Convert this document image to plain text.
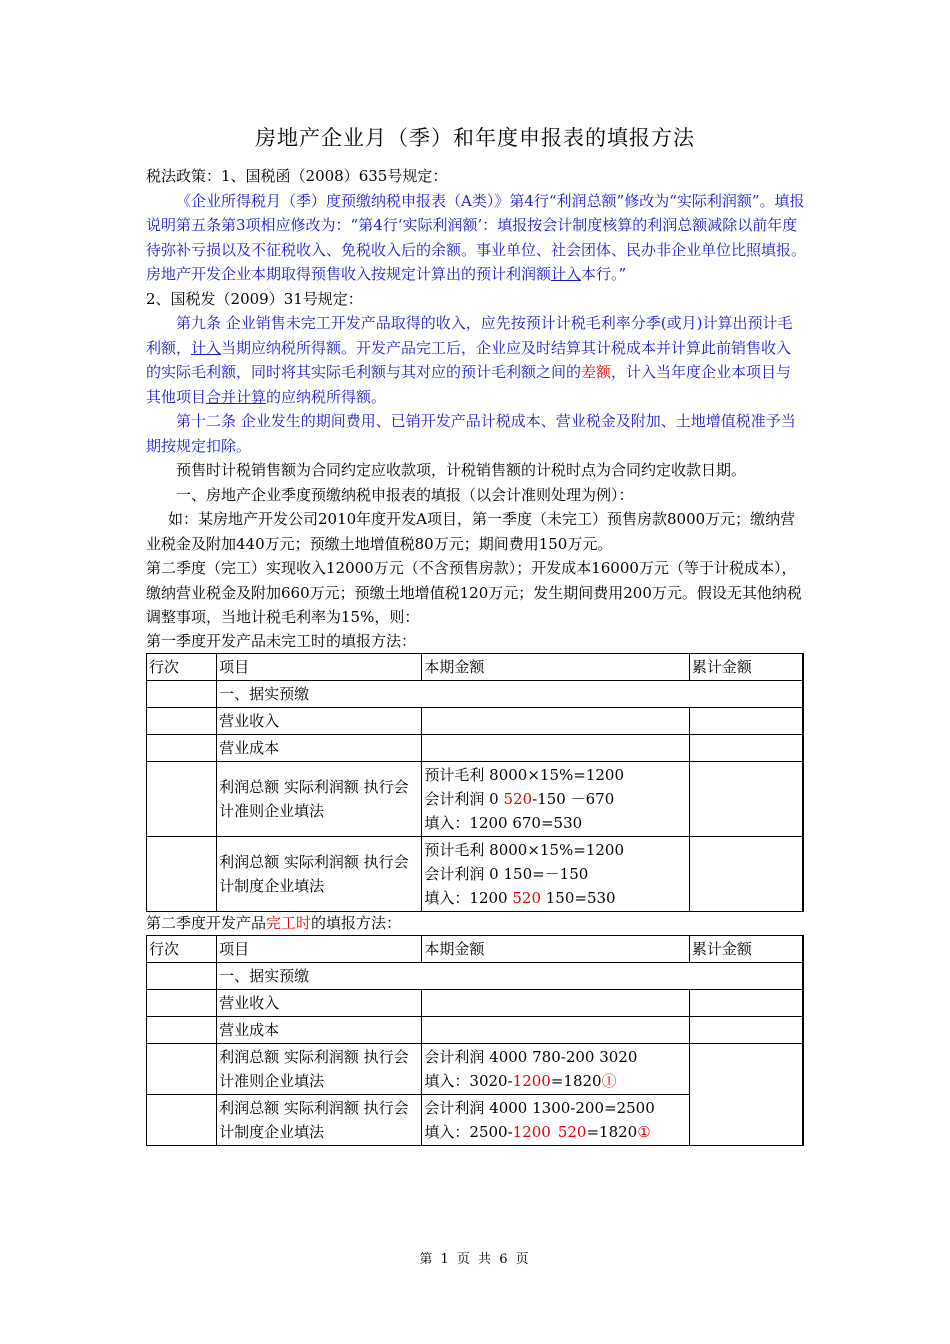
房地产企业月（季）和年度申报表的填报方法

税法政策：1、国税函（2008）635号规定：

《企业所得税月（季）度预缴纳税申报表（A类）》第4行“利润总额”修改为“实际利润额”。填报说明第五条第3项相应修改为：“第4行‘实际利润额’：填报按会计制度核算的利润总额减除以前年度待弥补亏损以及不征税收入、免税收入后的余额。事业单位、社会团体、民办非企业单位比照填报。房地产开发企业本期取得预售收入按规定计算出的预计利润额计入本行。”

2、国税发（2009）31号规定：

第九条 企业销售未完工开发产品取得的收入，应先按预计计税毛利率分季(或月)计算出预计毛利额，计入当期应纳税所得额。开发产品完工后，企业应及时结算其计税成本并计算此前销售收入的实际毛利额，同时将其实际毛利额与其对应的预计毛利额之间的差额，计入当年度企业本项目与其他项目合并计算的应纳税所得额。

第十二条 企业发生的期间费用、已销开发产品计税成本、营业税金及附加、土地增值税准予当期按规定扣除。

预售时计税销售额为合同约定应收款项，计税销售额的计税时点为合同约定收款日期。

一、房地产企业季度预缴纳税申报表的填报（以会计准则处理为例）：

如：某房地产开发公司2010年度开发A项目，第一季度（未完工）预售房款8000万元；缴纳营业税金及附加440万元；预缴土地增值税80万元；期间费用150万元。

第二季度（完工）实现收入12000万元（不含预售房款）；开发成本16000万元（等于计税成本），缴纳营业税金及附加660万元；预缴土地增值税120万元；发生期间费用200万元。假设无其他纳税调整事项，当地计税毛利率为15%，则：

第一季度开发产品未完工时的填报方法：

行次	项目	本期金额	累计金额
	一、据实预缴		
	营业收入		
	营业成本		
	利润总额 实际利润额 执行会计准则企业填法	预计毛利 8000×15%=1200
会计利润 0 520-150 －670
填入：1200 670=530	

	利润总额 实际利润额 执行会计制度企业填法	预计毛利 8000×15%=1200
会计利润 0 150=－150
填入：1200 520 150=530	

第二季度开发产品完工时的填报方法：

行次	项目	本期金额	累计金额
	一、据实预缴		
	营业收入		
	营业成本		
	利润总额 实际利润额 执行会计准则企业填法	会计利润 4000 780-200 3020
填入：3020-1200=1820①	

	利润总额 实际利润额 执行会计制度企业填法	会计利润 4000 1300-200=2500
填入：2500-1200 520=1820①	
第 1 页 共 6 页
